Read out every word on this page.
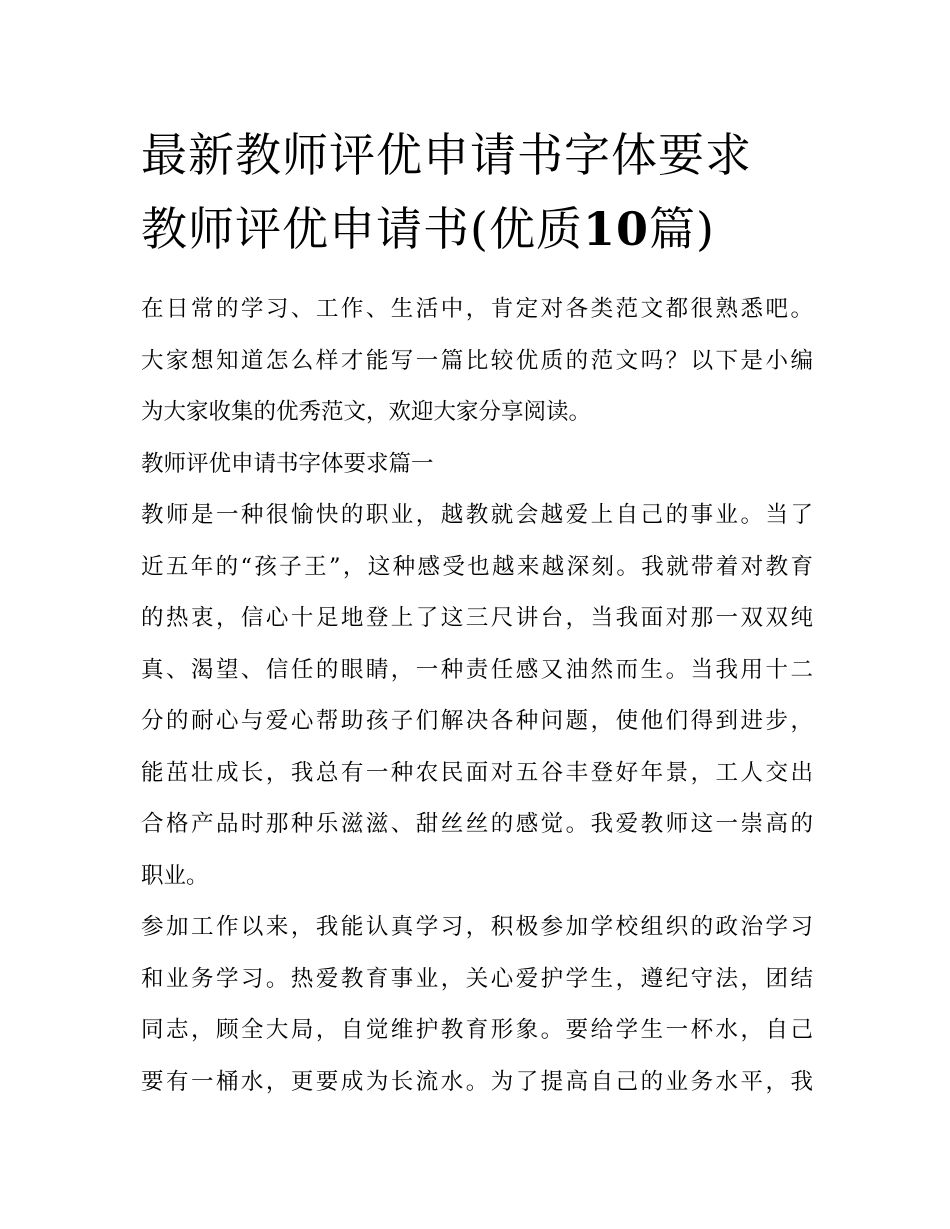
最新教师评优申请书字体要求
教师评优申请书(优质10篇)
在日常的学习、工作、生活中，肯定对各类范文都很熟悉吧。
大家想知道怎么样才能写一篇比较优质的范文吗？以下是小编
为大家收集的优秀范文，欢迎大家分享阅读。
教师评优申请书字体要求篇一
教师是一种很愉快的职业，越教就会越爱上自己的事业。当了
近五年的“孩子王”，这种感受也越来越深刻。我就带着对教育
的热衷，信心十足地登上了这三尺讲台，当我面对那一双双纯
真、渴望、信任的眼睛，一种责任感又油然而生。当我用十二
分的耐心与爱心帮助孩子们解决各种问题，使他们得到进步，
能茁壮成长，我总有一种农民面对五谷丰登好年景，工人交出
合格产品时那种乐滋滋、甜丝丝的感觉。我爱教师这一崇高的
职业。
参加工作以来，我能认真学习，积极参加学校组织的政治学习
和业务学习。热爱教育事业，关心爱护学生，遵纪守法，团结
同志，顾全大局，自觉维护教育形象。要给学生一杯水，自己
要有一桶水，更要成为长流水。为了提高自己的业务水平，我
